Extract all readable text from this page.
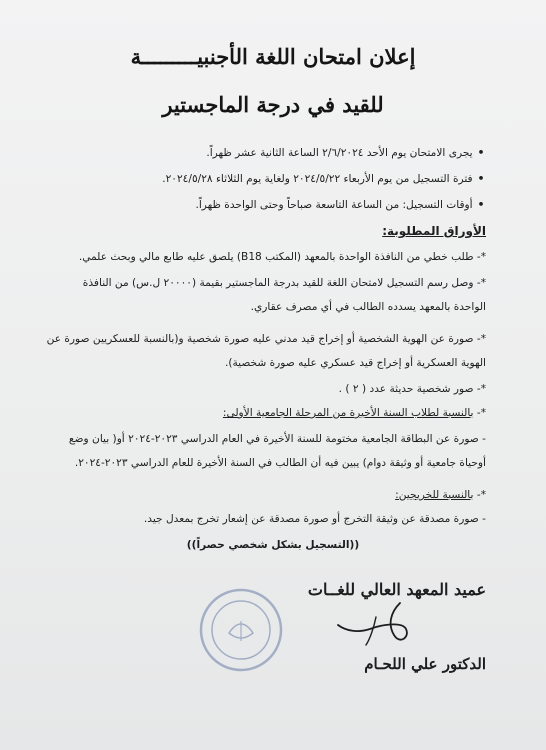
إعلان امتحان اللغة الأجنبيـــــــــة
للقيد في درجة الماجستير
• يجرى الامتحان يوم الأحد ٢/٦/٢٠٢٤ الساعة الثانية عشر ظهراً.
• فترة التسجيل من يوم الأربعاء ٢٠٢٤/٥/٢٢ ولغاية يوم الثلاثاء ٢٠٢٤/٥/٢٨.
• أوقات التسجيل: من الساعة التاسعة صباحاً وحتى الواحدة ظهراً.
الأوراق المطلوبة:
*- طلب خطي من النافذة الواحدة بالمعهد (المكتب B18) يلصق عليه طابع مالي وبحث علمي.
*- وصل رسم التسجيل لامتحان اللغة للقيد بدرجة الماجستير بقيمة (٢٠٠٠٠ ل.س) من النافذة
الواحدة بالمعهد يسدده الطالب في أي مصرف عقاري.
*- صورة عن الهوية الشخصية أو إخراج قيد مدني عليه صورة شخصية و(بالنسبة للعسكريين صورة عن
الهوية العسكرية أو إخراج قيد عسكري عليه صورة شخصية).
*- صور شخصية حديثة عدد ( ٢ ) .
*- بالنسبة لطلاب السنة الأخيرة من المرحلة الجامعية الأولى:
- صورة عن البطاقة الجامعية مختومة للسنة الأخيرة في العام الدراسي ٢٠٢٣-٢٠٢٤ أو( بيان وضع
أوحياة جامعية أو وثيقة دوام) يبين فيه أن الطالب في السنة الأخيرة للعام الدراسي ٢٠٢٣-٢٠٢٤.
*- بالنسبة للخريجين:
- صورة مصدقة عن وثيقة التخرج أو صورة مصدقة عن إشعار تخرج بمعدل جيد.
((التسجيل بشكل شخصي حصراً))
عميد المعهد العالي للغــات
الدكتور علي اللحـام
